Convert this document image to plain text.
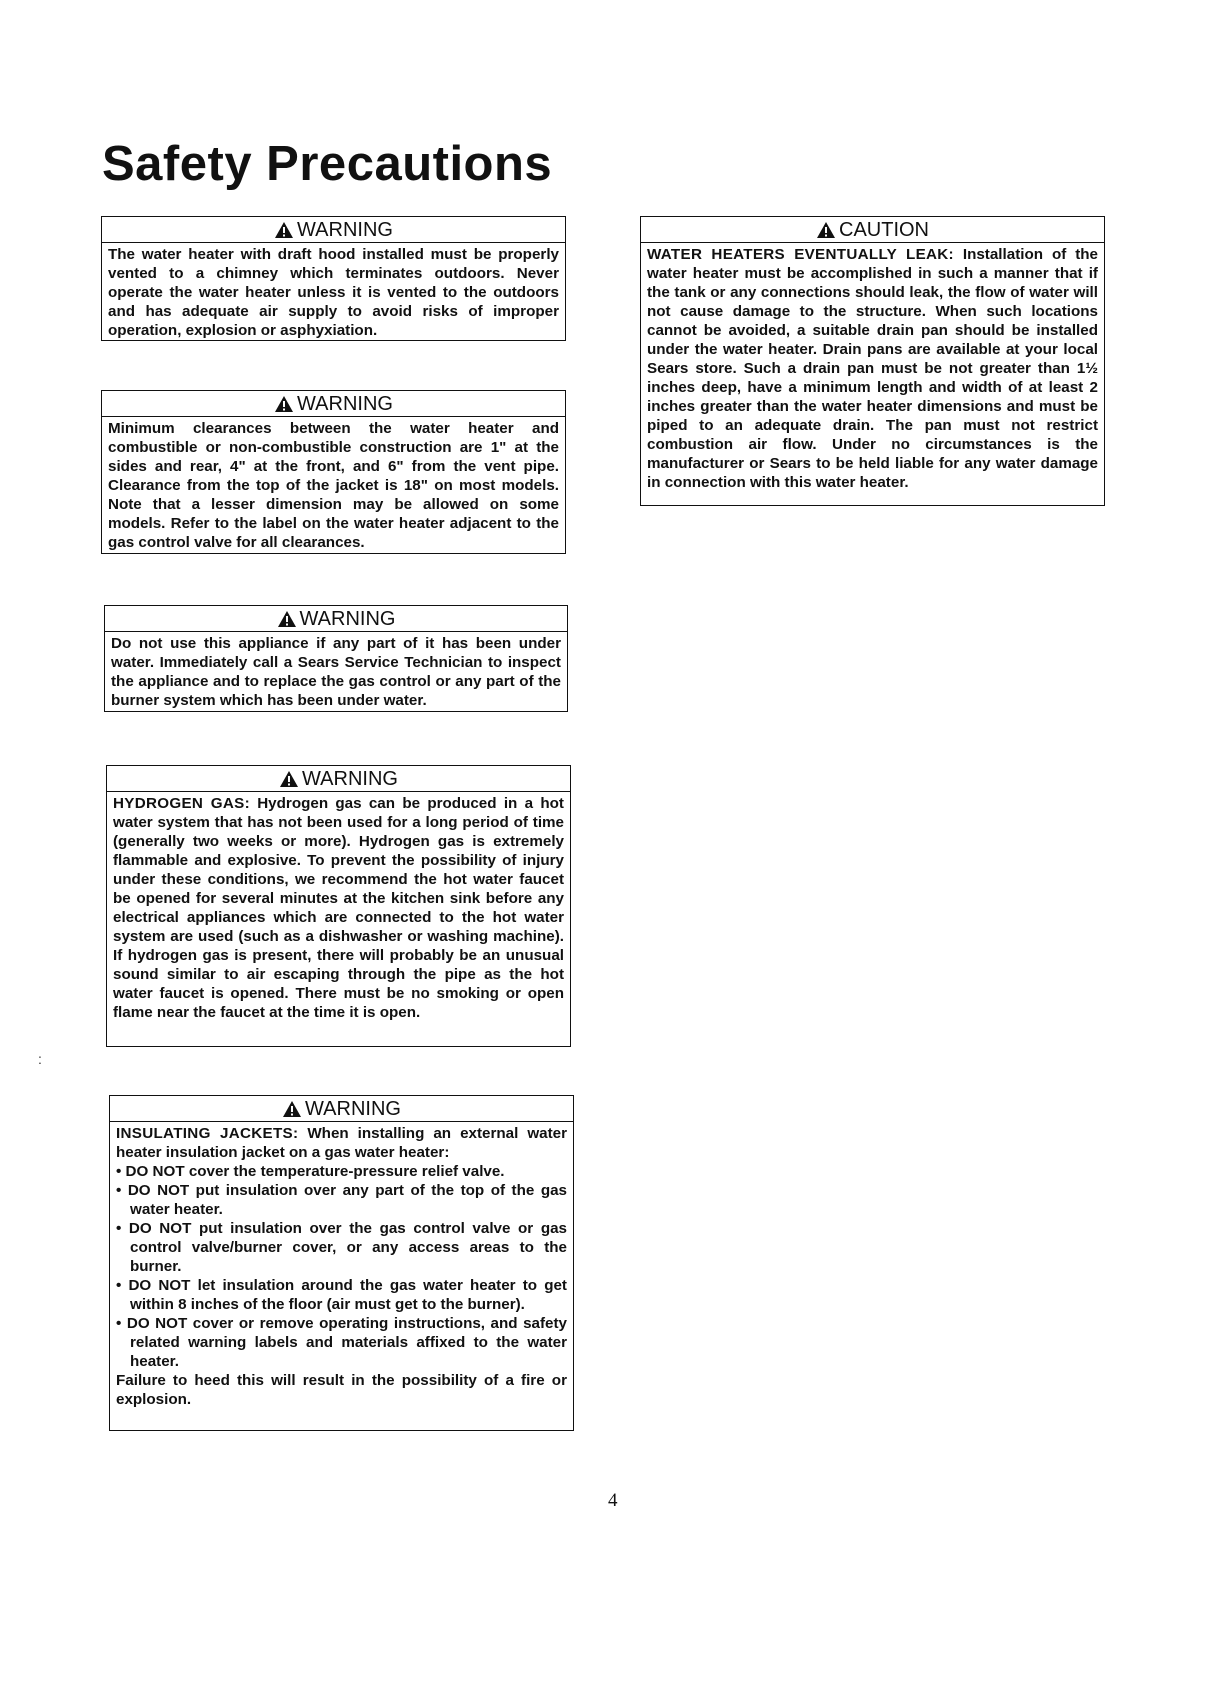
Safety Precautions
WARNING

The water heater with draft hood installed must be properly vented to a chimney which terminates outdoors. Never operate the water heater unless it is vented to the outdoors and has adequate air supply to avoid risks of improper operation, explosion or asphyxiation.

WARNING

Minimum clearances between the water heater and combustible or non-combustible construction are 1" at the sides and rear, 4" at the front, and 6" from the vent pipe. Clearance from the top of the jacket is 18" on most models. Note that a lesser dimension may be allowed on some models. Refer to the label on the water heater adjacent to the gas control valve for all clearances.

WARNING

Do not use this appliance if any part of it has been under water. Immediately call a Sears Service Technician to inspect the appliance and to replace the gas control or any part of the burner system which has been under water.

WARNING

HYDROGEN GAS: Hydrogen gas can be produced in a hot water system that has not been used for a long period of time (generally two weeks or more). Hydrogen gas is extremely flammable and explosive. To prevent the possibility of injury under these conditions, we recommend the hot water faucet be opened for several minutes at the kitchen sink before any electrical appliances which are connected to the hot water system are used (such as a dishwasher or washing machine). If hydrogen gas is present, there will probably be an unusual sound similar to air escaping through the pipe as the hot water faucet is opened. There must be no smoking or open flame near the faucet at the time it is open.

WARNING

INSULATING JACKETS: When installing an external water heater insulation jacket on a gas water heater:

• DO NOT cover the temperature-pressure relief valve.
• DO NOT put insulation over any part of the top of the gas water heater.
• DO NOT put insulation over the gas control valve or gas control valve/burner cover, or any access areas to the burner.
• DO NOT let insulation around the gas water heater to get within 8 inches of the floor (air must get to the burner).
• DO NOT cover or remove operating instructions, and safety related warning labels and materials affixed to the water heater.

Failure to heed this will result in the possibility of a fire or explosion.

CAUTION

WATER HEATERS EVENTUALLY LEAK: Installation of the water heater must be accomplished in such a manner that if the tank or any connections should leak, the flow of water will not cause damage to the structure. When such locations cannot be avoided, a suitable drain pan should be installed under the water heater. Drain pans are available at your local Sears store. Such a drain pan must be not greater than 1½ inches deep, have a minimum length and width of at least 2 inches greater than the water heater dimensions and must be piped to an adequate drain. The pan must not restrict combustion air flow. Under no circumstances is the manufacturer or Sears to be held liable for any water damage in connection with this water heater.

:
4
